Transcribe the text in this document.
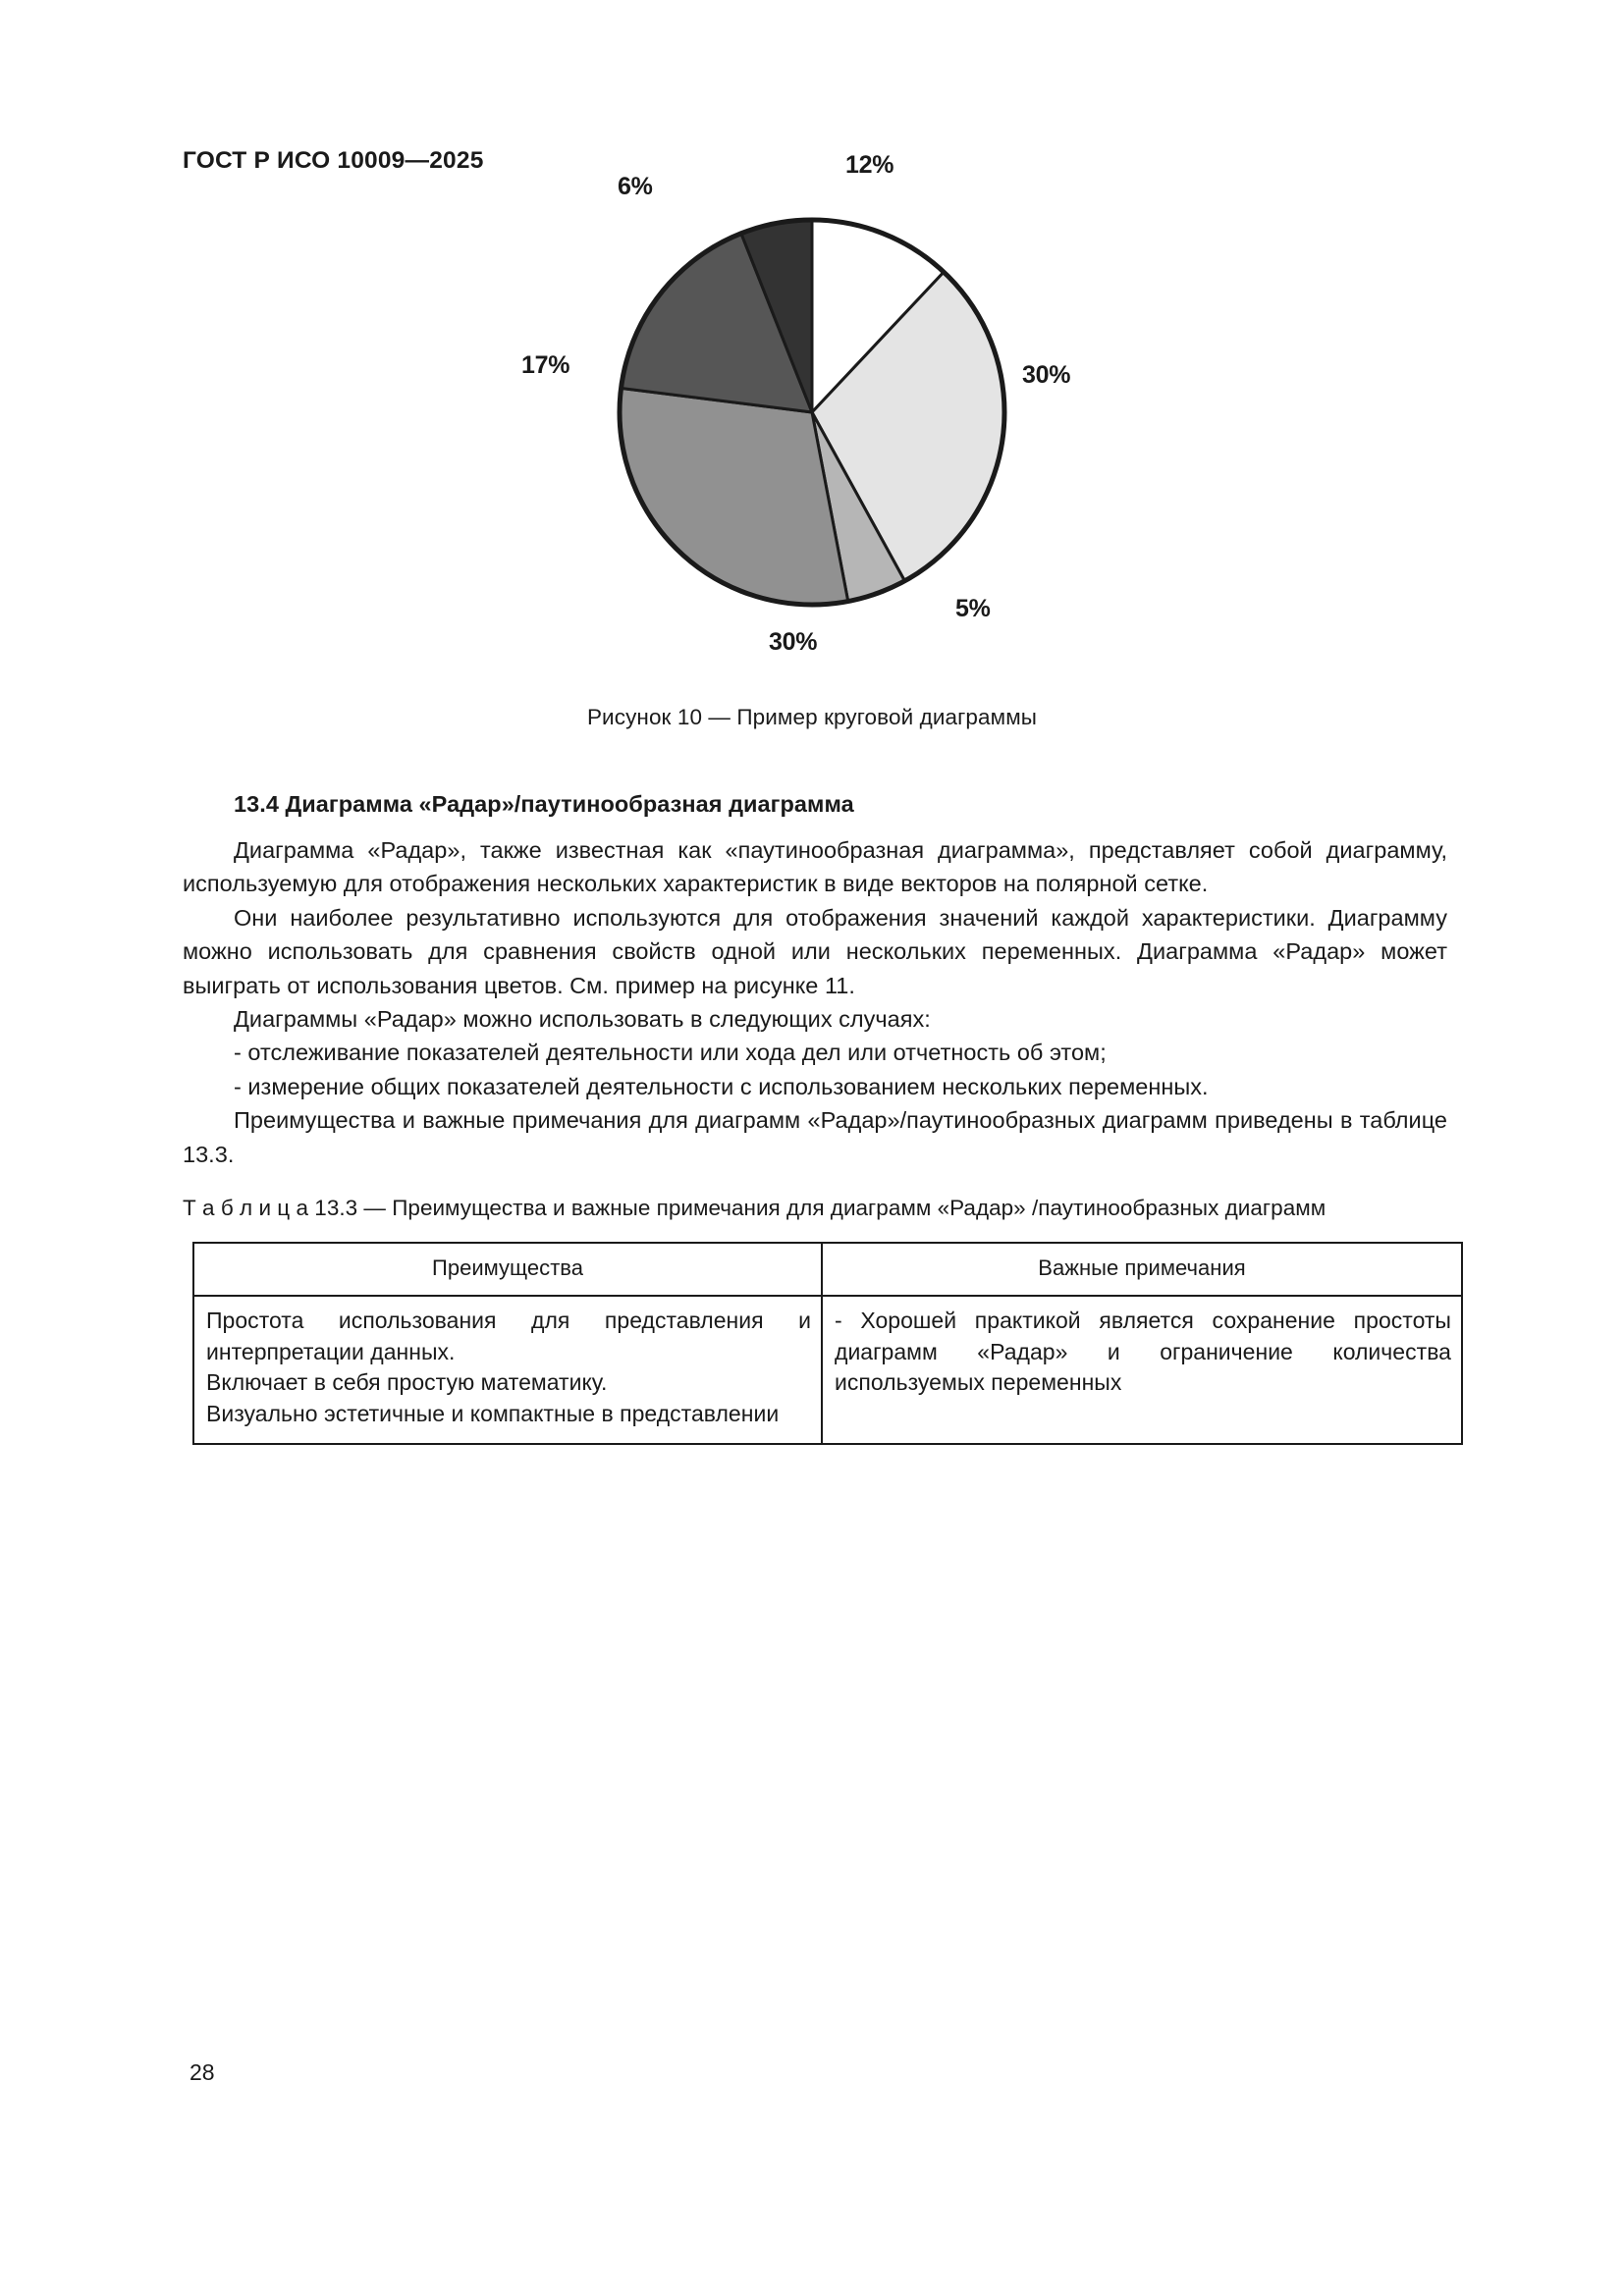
ГОСТ Р ИСО 10009—2025	12%
30%
5%
30%
17%
6%
Рисунок 10 — Пример круговой диаграммы
13.4 Диаграмма «Радар»/паутинообразная диаграмма

Диаграмма «Радар», также известная как «паутинообразная диаграмма», представляет собой диаграмму, используемую для отображения нескольких характеристик в виде векторов на полярной сетке.

Они наиболее результативно используются для отображения значений каждой характеристики. Диаграмму можно использовать для сравнения свойств одной или нескольких переменных. Диаграмма «Радар» может выиграть от использования цветов. См. пример на рисунке 11.

Диаграммы «Радар» можно использовать в следующих случаях:

- отслеживание показателей деятельности или хода дел или отчетность об этом;

- измерение общих показателей деятельности с использованием нескольких переменных.

Преимущества и важные примечания для диаграмм «Радар»/паутинообразных диаграмм приведены в таблице 13.3.

Т а б л и ц а 13.3 — Преимущества и важные примечания для диаграмм «Радар» /паутинообразных диаграмм
Преимущества	Важные примечания
Простота использования для представления и интерпретации данных.
Включает в себя простую математику.
Визуально эстетичные и компактные в представлении	- Хорошей практикой является сохранение простоты диаграмм «Радар» и ограничение количества используемых переменных
28
